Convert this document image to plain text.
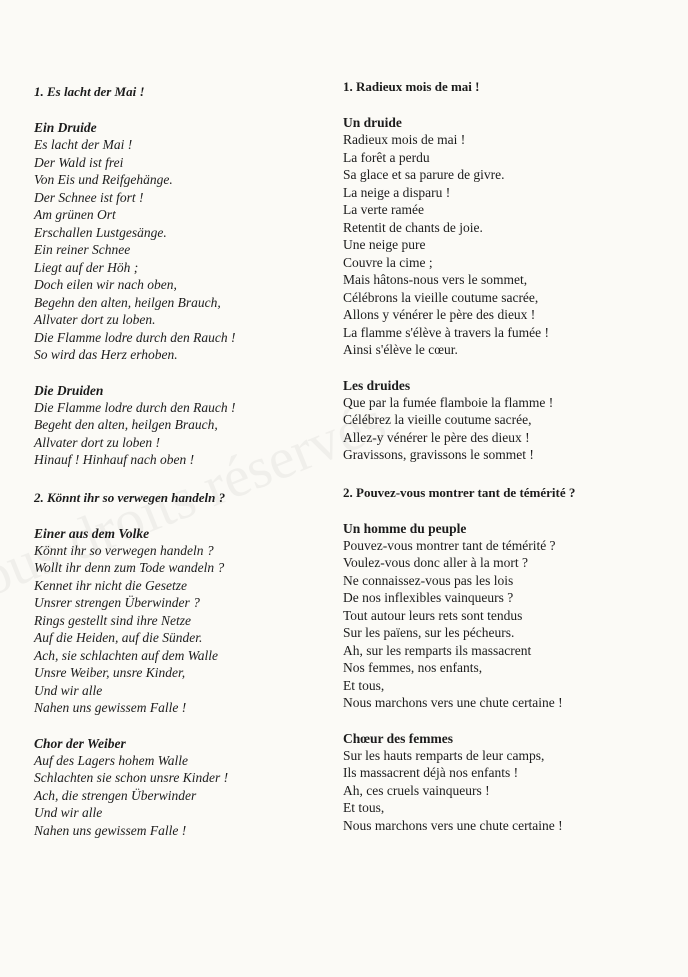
1. Es lacht der Mai !
Ein Druide
Es lacht der Mai !
Der Wald ist frei
Von Eis und Reifgehänge.
Der Schnee ist fort !
Am grünen Ort
Erschallen Lustgesänge.
Ein reiner Schnee
Liegt auf der Höh ;
Doch eilen wir nach oben,
Begehn den alten, heilgen Brauch,
Allvater dort zu loben.
Die Flamme lodre durch den Rauch !
So wird das Herz erhoben.
Die Druiden
Die Flamme lodre durch den Rauch !
Begeht den alten, heilgen Brauch,
Allvater dort zu loben !
Hinauf ! Hinhauf nach oben !
2. Könnt ihr so verwegen handeln ?
Einer aus dem Volke
Könnt ihr so verwegen handeln ?
Wollt ihr denn zum Tode wandeln ?
Kennet ihr nicht die Gesetze
Unsrer strengen Überwinder ?
Rings gestellt sind ihre Netze
Auf die Heiden, auf die Sünder.
Ach, sie schlachten auf dem Walle
Unsre Weiber, unsre Kinder,
Und wir alle
Nahen uns gewissem Falle !
Chor der Weiber
Auf des Lagers hohem Walle
Schlachten sie schon unsre Kinder !
Ach, die strengen Überwinder
Und wir alle
Nahen uns gewissem Falle !
1. Radieux mois de mai !
Un druide
Radieux mois de mai !
La forêt a perdu
Sa glace et sa parure de givre.
La neige a disparu !
La verte ramée
Retentit de chants de joie.
Une neige pure
Couvre la cime ;
Mais hâtons-nous vers le sommet,
Célébrons la vieille coutume sacrée,
Allons y vénérer le père des dieux !
La flamme s'élève à travers la fumée !
Ainsi s'élève le cœur.
Les druides
Que par la fumée flamboie la flamme !
Célébrez la vieille coutume sacrée,
Allez-y vénérer le père des dieux !
Gravissons, gravissons le sommet !
2. Pouvez-vous montrer tant de témérité ?
Un homme du peuple
Pouvez-vous montrer tant de témérité ?
Voulez-vous donc aller à la mort ?
Ne connaissez-vous pas les lois
De nos inflexibles vainqueurs ?
Tout autour leurs rets sont tendus
Sur les païens, sur les pécheurs.
Ah, sur les remparts ils massacrent
Nos femmes, nos enfants,
Et tous,
Nous marchons vers une chute certaine !
Chœur des femmes
Sur les hauts remparts de leur camps,
Ils massacrent déjà nos enfants !
Ah, ces cruels vainqueurs !
Et tous,
Nous marchons vers une chute certaine !
